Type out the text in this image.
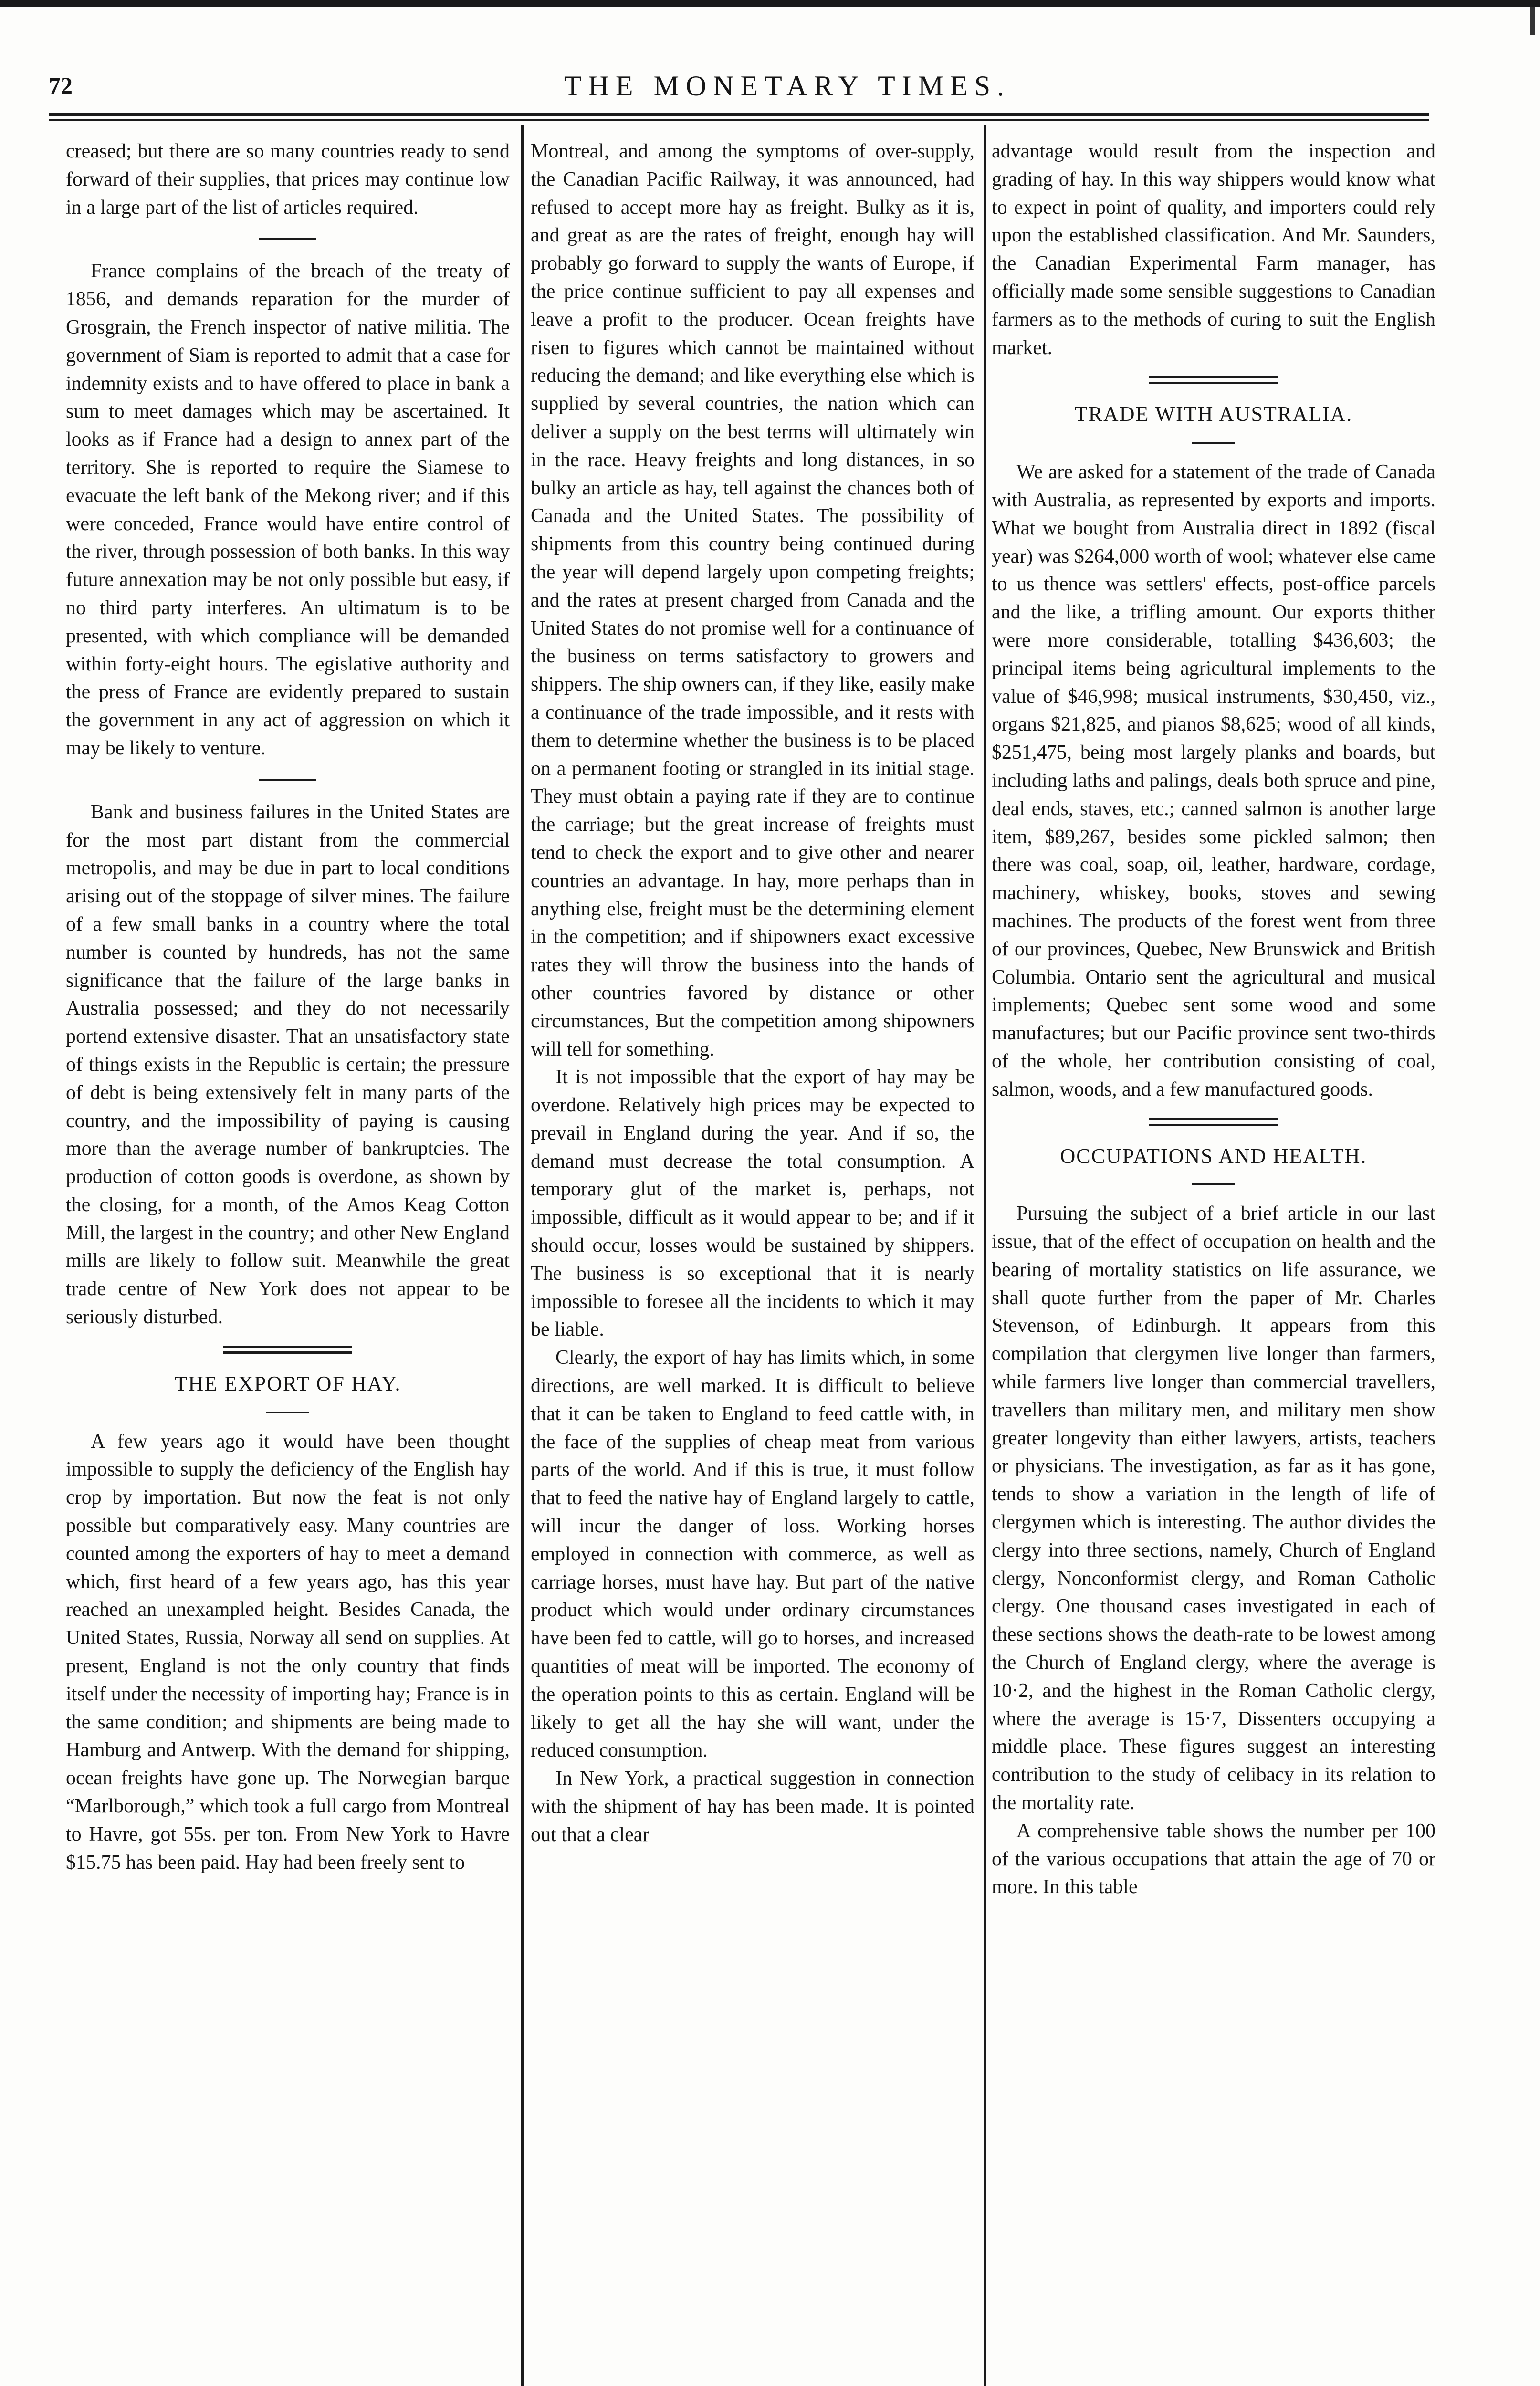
72	THE MONETARY TIMES.

creased; but there are so many countries ready to send forward of their supplies, that prices may continue low in a large part of the list of articles required.

France complains of the breach of the treaty of 1856, and demands reparation for the murder of Grosgrain, the French inspector of native militia. The government of Siam is reported to admit that a case for indemnity exists and to have offered to place in bank a sum to meet damages which may be ascertained. It looks as if France had a design to annex part of the territory. She is reported to require the Siamese to evacuate the left bank of the Mekong river; and if this were conceded, France would have entire control of the river, through possession of both banks. In this way future annexation may be not only possible but easy, if no third party interferes. An ultimatum is to be presented, with which compliance will be demanded within forty-eight hours. The egislative authority and the press of France are evidently prepared to sustain the government in any act of aggression on which it may be likely to venture.

Bank and business failures in the United States are for the most part distant from the commercial metropolis, and may be due in part to local conditions arising out of the stoppage of silver mines. The failure of a few small banks in a country where the total number is counted by hundreds, has not the same significance that the failure of the large banks in Australia possessed; and they do not necessarily portend extensive disaster. That an unsatisfactory state of things exists in the Republic is certain; the pressure of debt is being extensively felt in many parts of the country, and the impossibility of paying is causing more than the average number of bankruptcies. The production of cotton goods is overdone, as shown by the closing, for a month, of the Amos Keag Cotton Mill, the largest in the country; and other New England mills are likely to follow suit. Meanwhile the great trade centre of New York does not appear to be seriously disturbed.

THE EXPORT OF HAY.

A few years ago it would have been thought impossible to supply the deficiency of the English hay crop by importation. But now the feat is not only possible but comparatively easy. Many countries are counted among the exporters of hay to meet a demand which, first heard of a few years ago, has this year reached an unexampled height. Besides Canada, the United States, Russia, Norway all send on supplies. At present, England is not the only country that finds itself under the necessity of importing hay; France is in the same condition; and shipments are being made to Hamburg and Antwerp. With the demand for shipping, ocean freights have gone up. The Norwegian barque “Marlborough,” which took a full cargo from Montreal to Havre, got 55s. per ton. From New York to Havre $15.75 has been paid. Hay had been freely sent to

Montreal, and among the symptoms of over-supply, the Canadian Pacific Railway, it was announced, had refused to accept more hay as freight. Bulky as it is, and great as are the rates of freight, enough hay will probably go forward to supply the wants of Europe, if the price continue sufficient to pay all expenses and leave a profit to the producer. Ocean freights have risen to figures which cannot be maintained without reducing the demand; and like everything else which is supplied by several countries, the nation which can deliver a supply on the best terms will ultimately win in the race. Heavy freights and long distances, in so bulky an article as hay, tell against the chances both of Canada and the United States. The possibility of shipments from this country being continued during the year will depend largely upon competing freights; and the rates at present charged from Canada and the United States do not promise well for a continuance of the business on terms satisfactory to growers and shippers. The ship owners can, if they like, easily make a continuance of the trade impossible, and it rests with them to determine whether the business is to be placed on a permanent footing or strangled in its initial stage. They must obtain a paying rate if they are to continue the carriage; but the great increase of freights must tend to check the export and to give other and nearer countries an advantage. In hay, more perhaps than in anything else, freight must be the determining element in the competition; and if shipowners exact excessive rates they will throw the business into the hands of other countries favored by distance or other circumstances, But the competition among shipowners will tell for something.

It is not impossible that the export of hay may be overdone. Relatively high prices may be expected to prevail in England during the year. And if so, the demand must decrease the total consumption. A temporary glut of the market is, perhaps, not impossible, difficult as it would appear to be; and if it should occur, losses would be sustained by shippers. The business is so exceptional that it is nearly impossible to foresee all the incidents to which it may be liable.

Clearly, the export of hay has limits which, in some directions, are well marked. It is difficult to believe that it can be taken to England to feed cattle with, in the face of the supplies of cheap meat from various parts of the world. And if this is true, it must follow that to feed the native hay of England largely to cattle, will incur the danger of loss. Working horses employed in connection with commerce, as well as carriage horses, must have hay. But part of the native product which would under ordinary circumstances have been fed to cattle, will go to horses, and increased quantities of meat will be imported. The economy of the operation points to this as certain. England will be likely to get all the hay she will want, under the reduced consumption.

In New York, a practical suggestion in connection with the shipment of hay has been made. It is pointed out that a clear

advantage would result from the inspection and grading of hay. In this way shippers would know what to expect in point of quality, and importers could rely upon the established classification. And Mr. Saunders, the Canadian Experimental Farm manager, has officially made some sensible suggestions to Canadian farmers as to the methods of curing to suit the English market.

TRADE WITH AUSTRALIA.

We are asked for a statement of the trade of Canada with Australia, as represented by exports and imports. What we bought from Australia direct in 1892 (fiscal year) was $264,000 worth of wool; whatever else came to us thence was settlers' effects, post-office parcels and the like, a trifling amount. Our exports thither were more considerable, totalling $436,603; the principal items being agricultural implements to the value of $46,998; musical instruments, $30,450, viz., organs $21,825, and pianos $8,625; wood of all kinds, $251,475, being most largely planks and boards, but including laths and palings, deals both spruce and pine, deal ends, staves, etc.; canned salmon is another large item, $89,267, besides some pickled salmon; then there was coal, soap, oil, leather, hardware, cordage, machinery, whiskey, books, stoves and sewing machines. The products of the forest went from three of our provinces, Quebec, New Brunswick and British Columbia. Ontario sent the agricultural and musical implements; Quebec sent some wood and some manufactures; but our Pacific province sent two-thirds of the whole, her contribution consisting of coal, salmon, woods, and a few manufactured goods.

OCCUPATIONS AND HEALTH.

Pursuing the subject of a brief article in our last issue, that of the effect of occupation on health and the bearing of mortality statistics on life assurance, we shall quote further from the paper of Mr. Charles Stevenson, of Edinburgh. It appears from this compilation that clergymen live longer than farmers, while farmers live longer than commercial travellers, travellers than military men, and military men show greater longevity than either lawyers, artists, teachers or physicians. The investigation, as far as it has gone, tends to show a variation in the length of life of clergymen which is interesting. The author divides the clergy into three sections, namely, Church of England clergy, Nonconformist clergy, and Roman Catholic clergy. One thousand cases investigated in each of these sections shows the death-rate to be lowest among the Church of England clergy, where the average is 10·2, and the highest in the Roman Catholic clergy, where the average is 15·7, Dissenters occupying a middle place. These figures suggest an interesting contribution to the study of celibacy in its relation to the mortality rate.

A comprehensive table shows the number per 100 of the various occupations that attain the age of 70 or more. In this table
